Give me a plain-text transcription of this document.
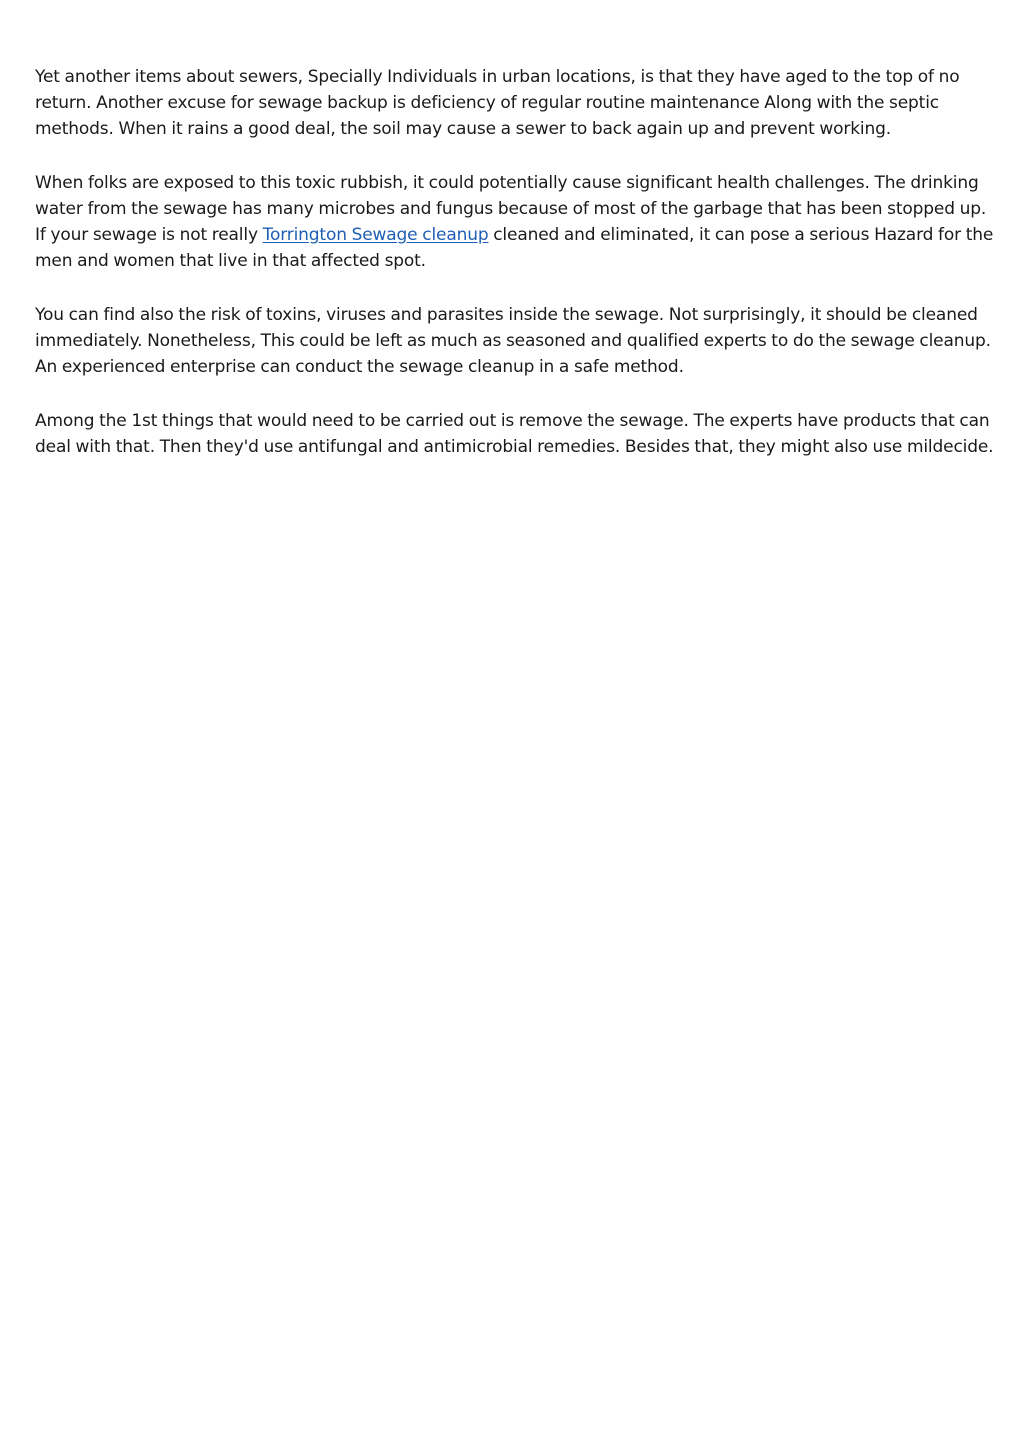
Yet another items about sewers, Specially Individuals in urban locations, is that they have aged to the top of no return. Another excuse for sewage backup is deficiency of regular routine maintenance Along with the septic methods. When it rains a good deal, the soil may cause a sewer to back again up and prevent working.

When folks are exposed to this toxic rubbish, it could potentially cause significant health challenges. The drinking water from the sewage has many microbes and fungus because of most of the garbage that has been stopped up. If your sewage is not really Torrington Sewage cleanup cleaned and eliminated, it can pose a serious Hazard for the men and women that live in that affected spot.

You can find also the risk of toxins, viruses and parasites inside the sewage. Not surprisingly, it should be cleaned immediately. Nonetheless, This could be left as much as seasoned and qualified experts to do the sewage cleanup. An experienced enterprise can conduct the sewage cleanup in a safe method.

Among the 1st things that would need to be carried out is remove the sewage. The experts have products that can deal with that. Then they'd use antifungal and antimicrobial remedies. Besides that, they might also use mildecide.
